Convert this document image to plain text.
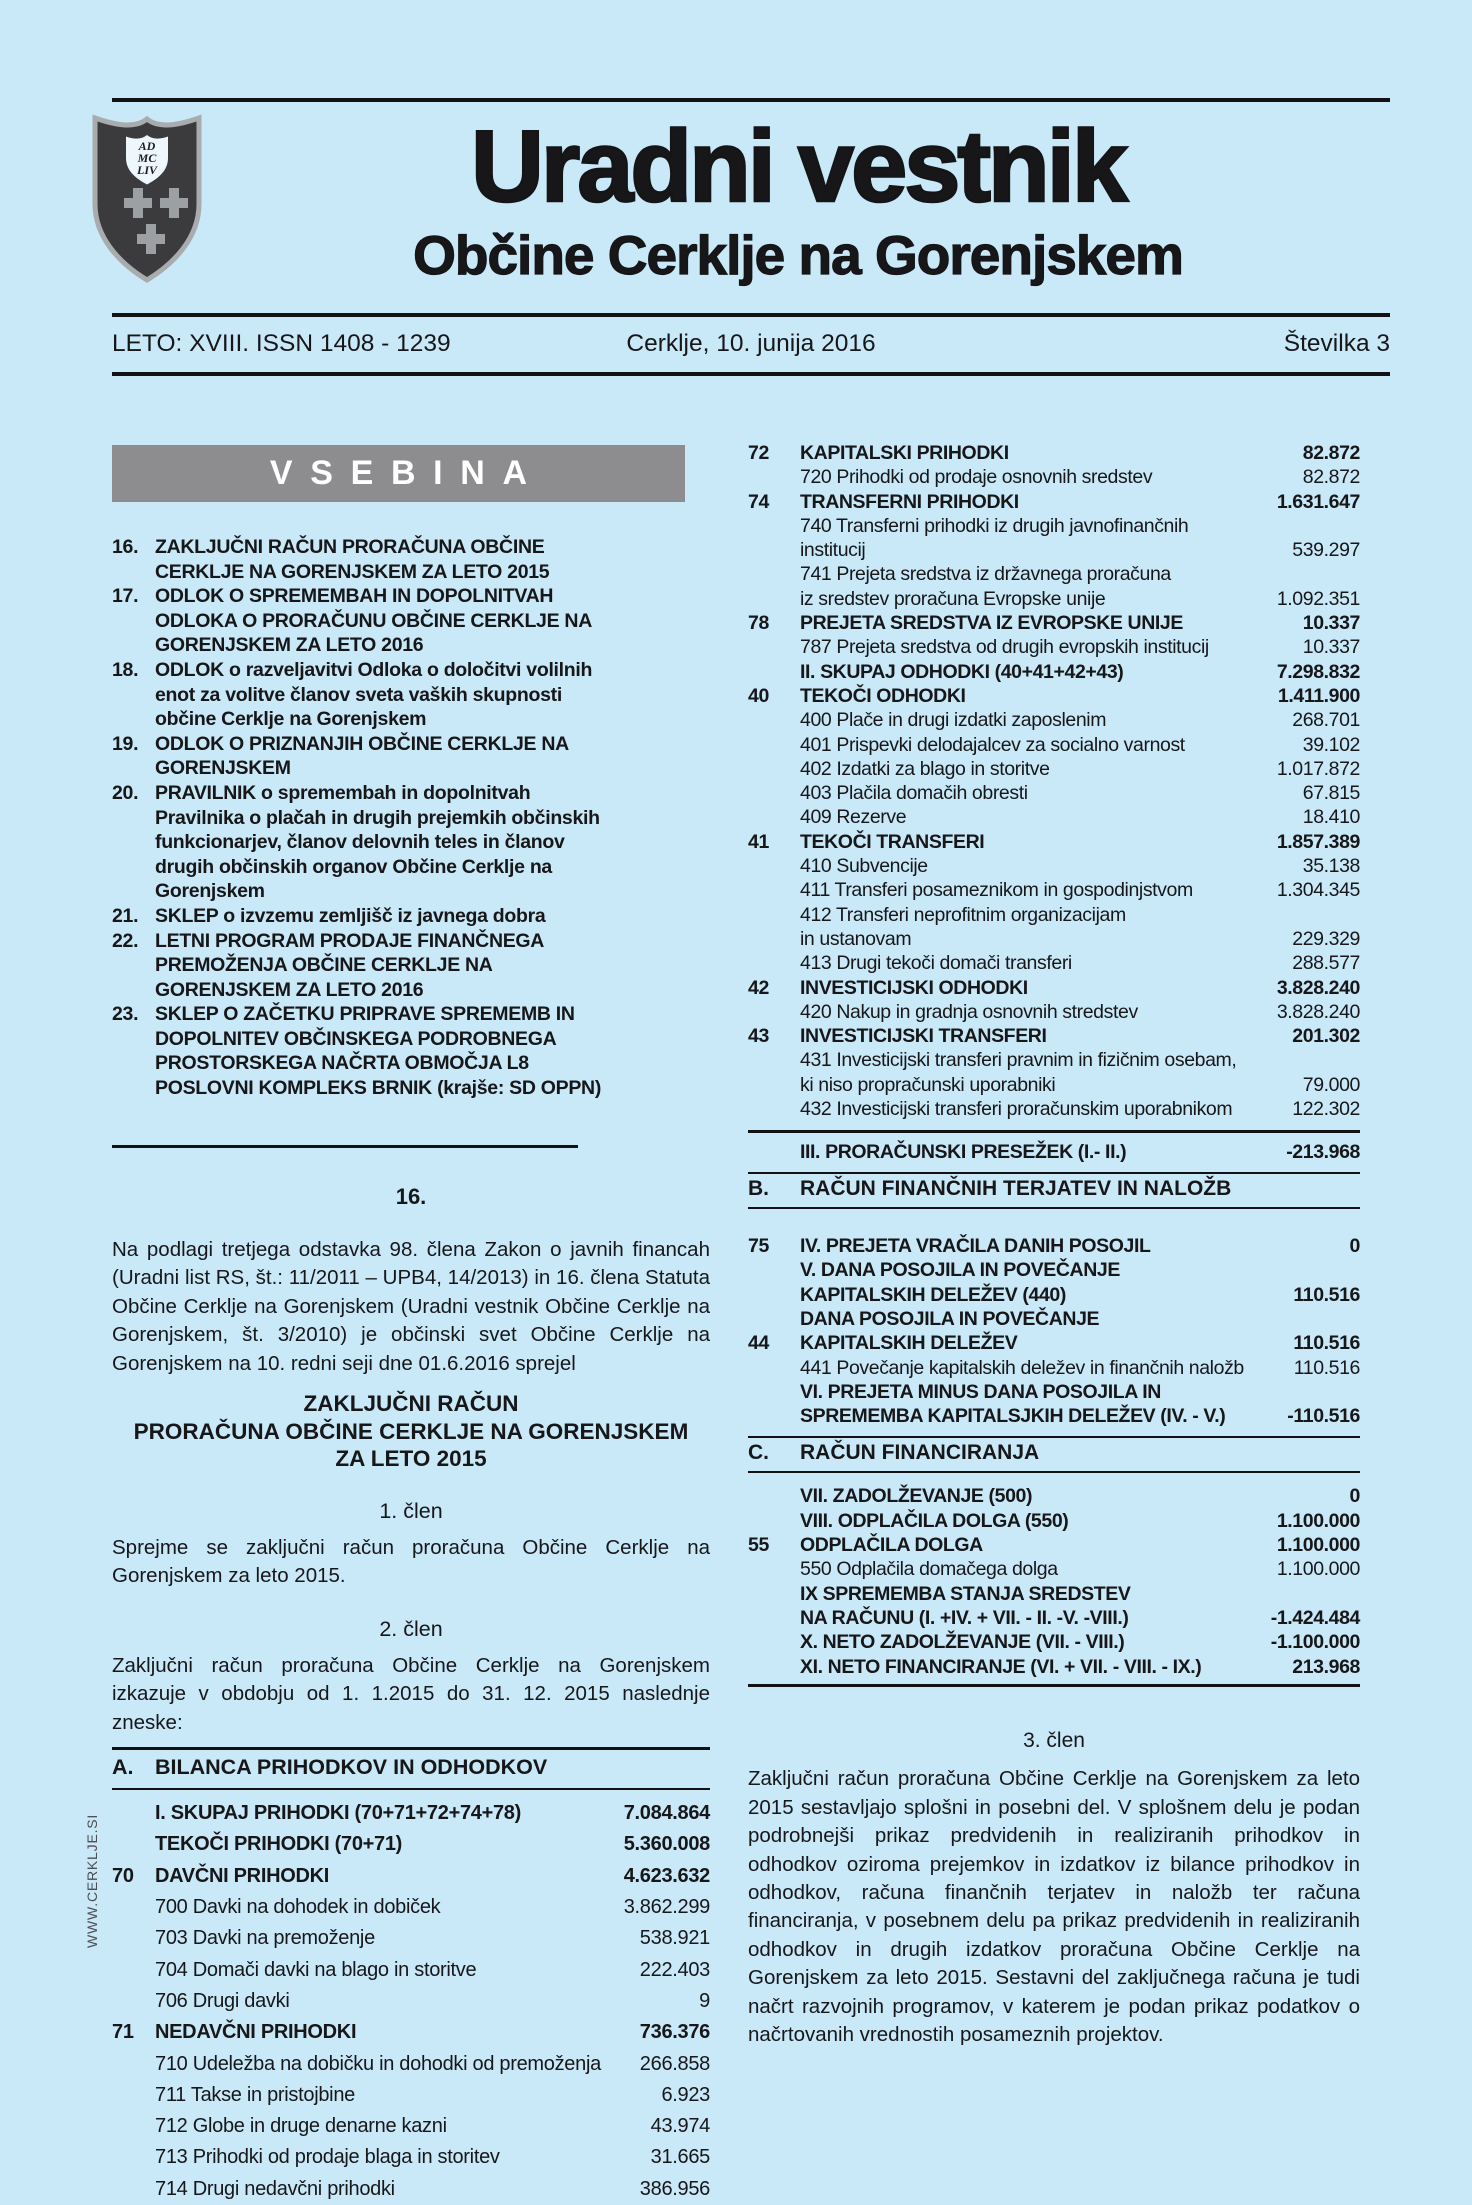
AD
MC
LIV	Uradni vestnik
Občine Cerklje na Gorenjskem
LETO: XVIII. ISSN 1408 - 1239	Cerklje, 10. junija 2016	Številka 3
WWW.CERKLJE.SI
VSEBINA
16. ZAKLJUČNI RAČUN PRORAČUNA OBČINE CERKLJE NA GORENJSKEM ZA LETO 2015
17. ODLOK O SPREMEMBAH IN DOPOLNITVAH ODLOKA O PRORAČUNU OBČINE CERKLJE NA GORENJSKEM ZA LETO 2016
18. ODLOK o razveljavitvi Odloka o določitvi volilnih enot za volitve članov sveta vaških skupnosti občine Cerklje na Gorenjskem
19. ODLOK O PRIZNANJIH OBČINE CERKLJE NA GORENJSKEM
20. PRAVILNIK o spremembah in dopolnitvah Pravilnika o plačah in drugih prejemkih občinskih funkcionarjev, članov delovnih teles in članov drugih občinskih organov Občine Cerklje na Gorenjskem
21. SKLEP o izvzemu zemljišč iz javnega dobra
22. LETNI PROGRAM PRODAJE FINANČNEGA PREMOŽENJA OBČINE CERKLJE NA GORENJSKEM ZA LETO 2016
23. SKLEP O ZAČETKU PRIPRAVE SPREMEMB IN DOPOLNITEV OBČINSKEGA PODROBNEGA PROSTORSKEGA NAČRTA OBMOČJA L8 POSLOVNI KOMPLEKS BRNIK (krajše: SD OPPN)
16.

Na podlagi tretjega odstavka 98. člena Zakon o javnih financah (Uradni list RS, št.: 11/2011 – UPB4, 14/2013) in 16. člena Statuta Občine Cerklje na Gorenjskem (Uradni vestnik Občine Cerklje na Gorenjskem, št. 3/2010) je občinski svet Občine Cerklje na Gorenjskem na 10. redni seji dne 01.6.2016 sprejel

ZAKLJUČNI RAČUN
PRORAČUNA OBČINE CERKLJE NA GORENJSKEM
ZA LETO 2015
1. člen

Sprejme se zaključni račun proračuna Občine Cerklje na Gorenjskem za leto 2015.

2. člen

Zaključni račun proračuna Občine Cerklje na Gorenjskem izkazuje v obdobju od 1. 1.2015 do 31. 12. 2015 naslednje zneske:

A.	BILANCA PRIHODKOV IN ODHODKOV
I. SKUPAJ PRIHODKI (70+71+72+74+78)	7.084.864
TEKOČI PRIHODKI (70+71)	5.360.008
70	DAVČNI PRIHODKI	4.623.632
700 Davki na dohodek in dobiček	3.862.299
703 Davki na premoženje	538.921
704 Domači davki na blago in storitve	222.403
706 Drugi davki	9
71	NEDAVČNI PRIHODKI	736.376
710 Udeležba na dobičku in dohodki od premoženja	266.858
711 Takse in pristojbine	6.923
712 Globe in druge denarne kazni	43.974
713 Prihodki od prodaje blaga in storitev	31.665
714 Drugi nedavčni prihodki	386.956
72	KAPITALSKI PRIHODKI	82.872
720 Prihodki od prodaje osnovnih sredstev	82.872
74	TRANSFERNI PRIHODKI	1.631.647
740 Transferni prihodki iz drugih javnofinančnih
institucij	539.297
741 Prejeta sredstva iz državnega proračuna
iz sredstev proračuna Evropske unije	1.092.351
78	PREJETA SREDSTVA IZ EVROPSKE UNIJE	10.337
787 Prejeta sredstva od drugih evropskih institucij	10.337
II. SKUPAJ ODHODKI (40+41+42+43)	7.298.832
40	TEKOČI ODHODKI	1.411.900
400 Plače in drugi izdatki zaposlenim	268.701
401 Prispevki delodajalcev za socialno varnost	39.102
402 Izdatki za blago in storitve	1.017.872
403 Plačila domačih obresti	67.815
409 Rezerve	18.410
41	TEKOČI TRANSFERI	1.857.389
410 Subvencije	35.138
411 Transferi posameznikom in gospodinjstvom	1.304.345
412 Transferi neprofitnim organizacijam
in ustanovam	229.329
413 Drugi tekoči domači transferi	288.577
42	INVESTICIJSKI ODHODKI	3.828.240
420 Nakup in gradnja osnovnih stredstev	3.828.240
43	INVESTICIJSKI TRANSFERI	201.302
431 Investicijski transferi pravnim in fizičnim osebam,
ki niso propračunski uporabniki	79.000
432 Investicijski transferi proračunskim uporabnikom	122.302
III. PRORAČUNSKI PRESEŽEK (I.- II.)	-213.968
B.	RAČUN FINANČNIH TERJATEV IN NALOŽB
75	IV. PREJETA VRAČILA DANIH POSOJIL	0
V. DANA POSOJILA IN POVEČANJE
KAPITALSKIH DELEŽEV (440)	110.516
44
DANA POSOJILA IN POVEČANJE
KAPITALSKIH DELEŽEV	110.516
441 Povečanje kapitalskih deležev in finančnih naložb	110.516
VI. PREJETA MINUS DANA POSOJILA IN
SPREMEMBA KAPITALSJKIH DELEŽEV (IV. - V.)	-110.516
C.	RAČUN FINANCIRANJA
VII. ZADOLŽEVANJE (500)	0
VIII. ODPLAČILA DOLGA (550)	1.100.000
55	ODPLAČILA DOLGA	1.100.000
550 Odplačila domačega dolga	1.100.000
IX SPREMEMBA STANJA SREDSTEV
NA RAČUNU (I. +IV. + VII. - II. -V. -VIII.)	-1.424.484
X. NETO ZADOLŽEVANJE (VII. - VIII.)	-1.100.000
XI. NETO FINANCIRANJE (VI. + VII. - VIII. - IX.)	213.968
3. člen

Zaključni račun proračuna Občine Cerklje na Gorenjskem za leto 2015 sestavljajo splošni in posebni del. V splošnem delu je podan podrobnejši prikaz predvidenih in realiziranih prihodkov in odhodkov oziroma prejemkov in izdatkov iz bilance prihodkov in odhodkov, računa finančnih terjatev in naložb ter računa financiranja, v posebnem delu pa prikaz predvidenih in realiziranih odhodkov in drugih izdatkov proračuna Občine Cerklje na Gorenjskem za leto 2015. Sestavni del zaključnega računa je tudi načrt razvojnih programov, v katerem je podan prikaz podatkov o načrtovanih vrednostih posameznih projektov.
